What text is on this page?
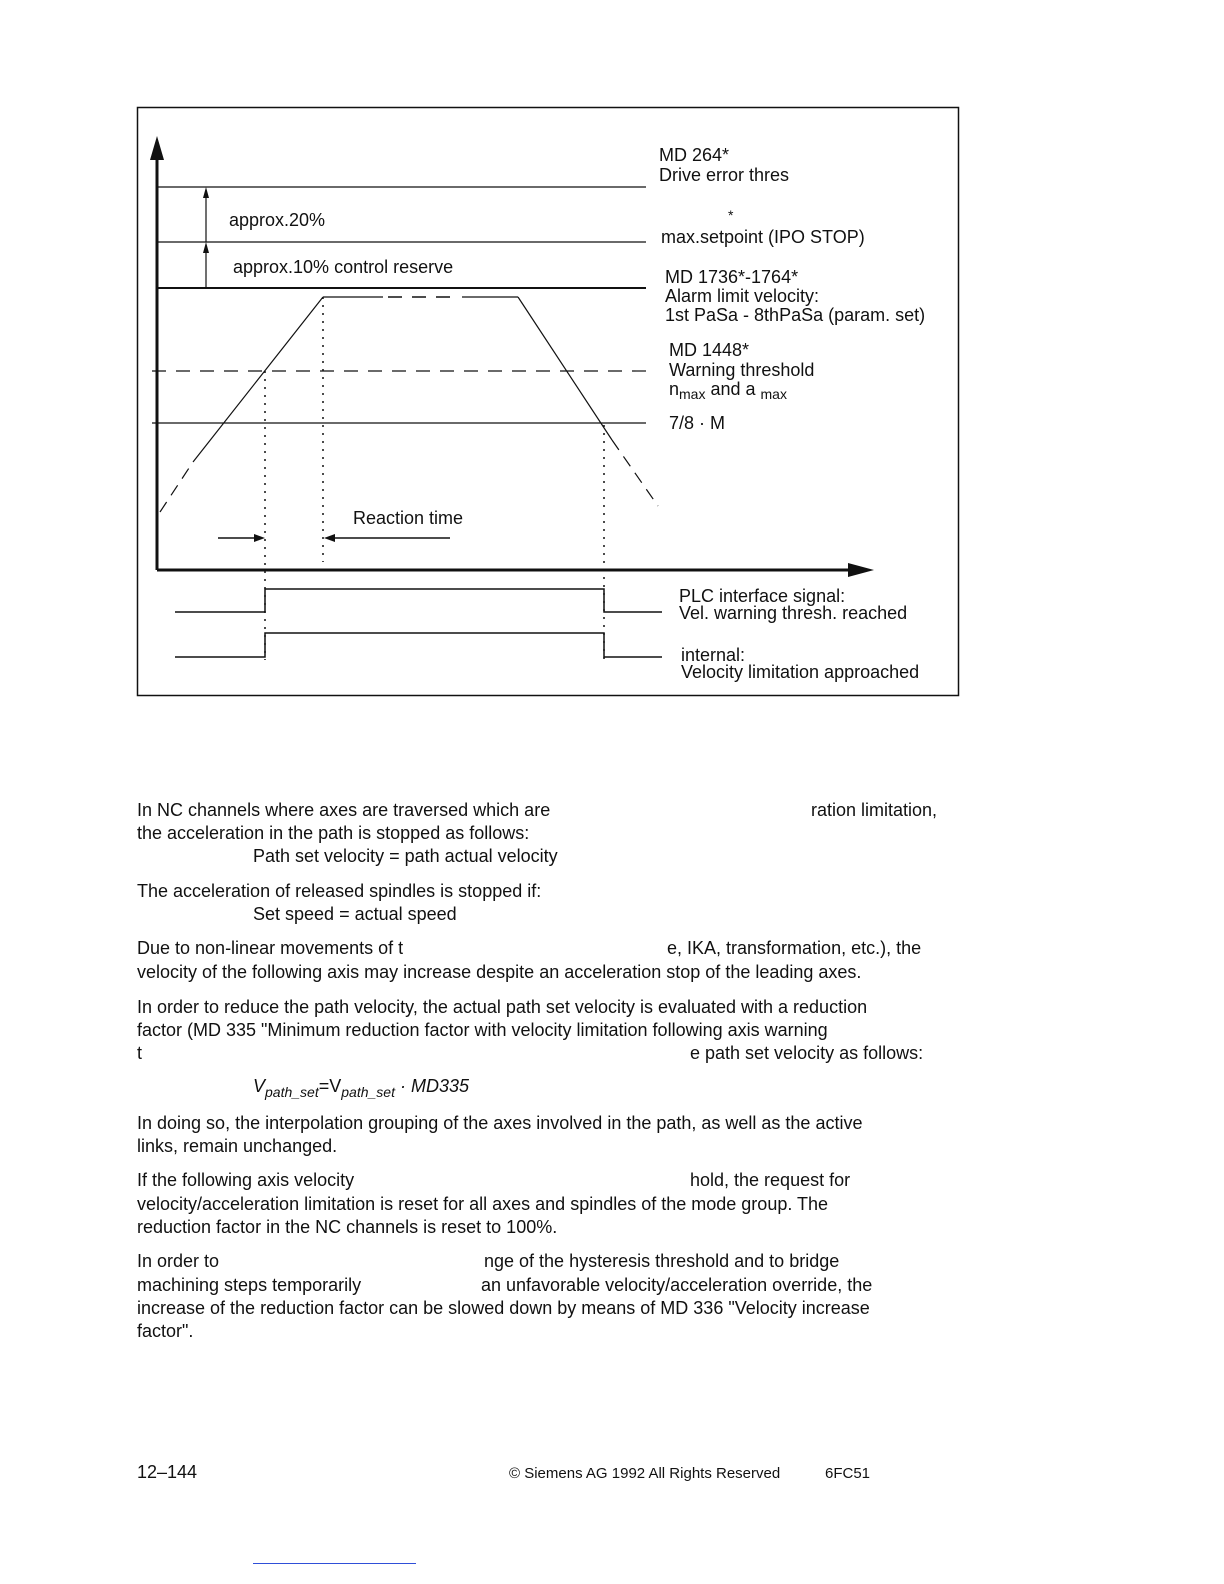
MD 264*
Drive error thres
*
max.setpoint (IPO STOP)
MD 1736*-1764*
Alarm limit velocity:
1st PaSa - 8thPaSa (param. set)
MD 1448*
Warning threshold
$n_{max}$ and a $_{max}$
7/8 · M
approx.20%
approx.10% control reserve
Reaction time
PLC interface signal:
Vel. warning thresh. reached
internal:
Velocity limitation approached
In NC channels where axes are traversed which are	ration limitation,
the acceleration in the path is stopped as follows:
Path set velocity = path actual velocity
The acceleration of released spindles is stopped if:
Set speed = actual speed
Due to non-linear movements of t	e, IKA, transformation, etc.), the
velocity of the following axis may increase despite an acceleration stop of the leading axes.
In order to reduce the path velocity, the actual path set velocity is evaluated with a reduction
factor (MD 335 "Minimum reduction factor with velocity limitation following axis warning
t	e path set velocity as follows:
$V_{path\_set}=V_{path\_set} \cdot MD335$
In doing so, the interpolation grouping of the axes involved in the path, as well as the active
links, remain unchanged.
If the following axis velocity	hold, the request for
velocity/acceleration limitation is reset for all axes and spindles of the mode group. The
reduction factor in the NC channels is reset to 100%.
In order to	nge of the hysteresis threshold and to bridge
machining steps temporarily	an unfavorable velocity/acceleration override, the
increase of the reduction factor can be slowed down by means of MD 336 "Velocity increase
factor".
12–144	© Siemens AG 1992 All Rights Reserved	6FC51
